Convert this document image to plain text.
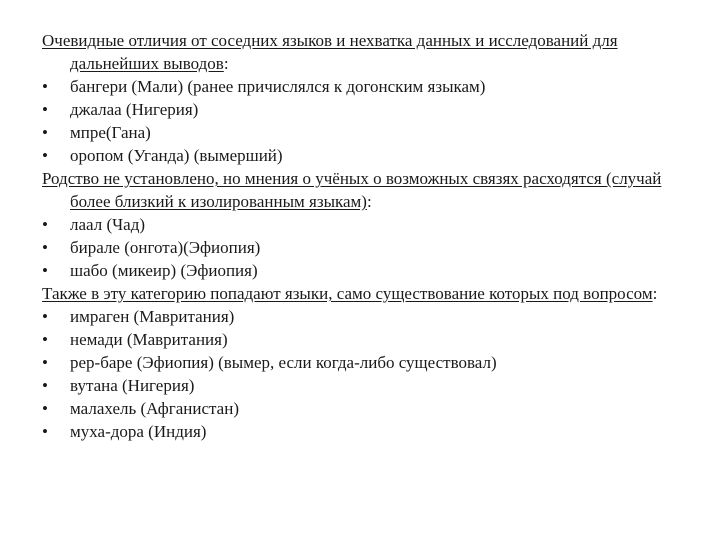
Очевидные отличия от соседних языков и нехватка данных и исследований для дальнейших выводов:

• бангери (Мали) (ранее причислялся к догонским языкам)
• джалаа (Нигерия)
• мпре(Гана)
• оропом (Уганда) (вымерший)

Родство не установлено, но мнения о учёных о возможных связях расходятся (случай более близкий к изолированным языкам):

• лаал (Чад)
• бирале (онгота)(Эфиопия)
• шабо (микеир) (Эфиопия)

Также в эту категорию попадают языки, само существование которых под вопросом:

• имраген (Мавритания)
• немади (Мавритания)
• рер-баре (Эфиопия) (вымер, если когда-либо существовал)
• вутана (Нигерия)
• малахель (Афганистан)
• муха-дора (Индия)
